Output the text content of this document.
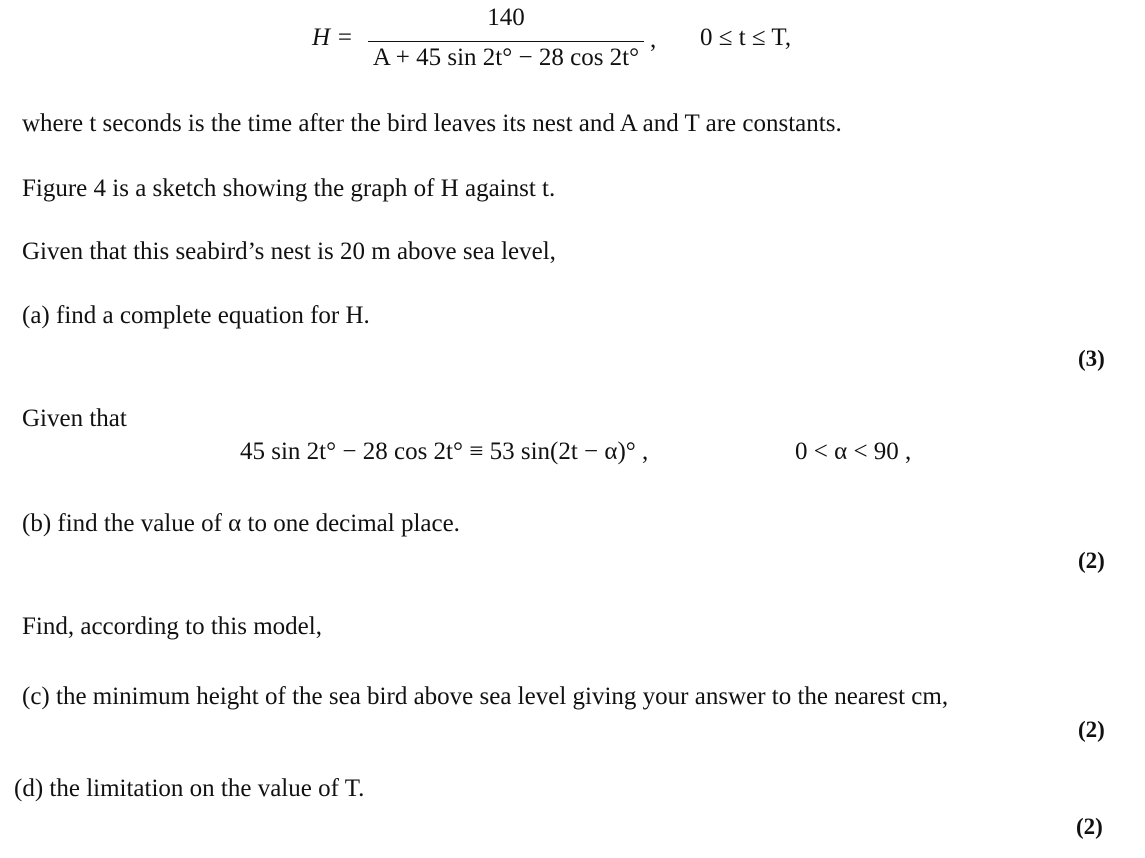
H =
140
A + 45 sin 2t° − 28 cos 2t°
, 0 ≤ t ≤ T,
where t seconds is the time after the bird leaves its nest and A and T are constants.
Figure 4 is a sketch showing the graph of H against t.
Given that this seabird’s nest is 20 m above sea level,
(a) find a complete equation for H.
(3)
Given that
45 sin 2t° − 28 cos 2t° ≡ 53 sin(2t − α)° ,	0 < α < 90 ,
(b) find the value of α to one decimal place.
(2)
Find, according to this model,
(c) the minimum height of the sea bird above sea level giving your answer to the nearest cm,
(2)
(d) the limitation on the value of T.
(2)
